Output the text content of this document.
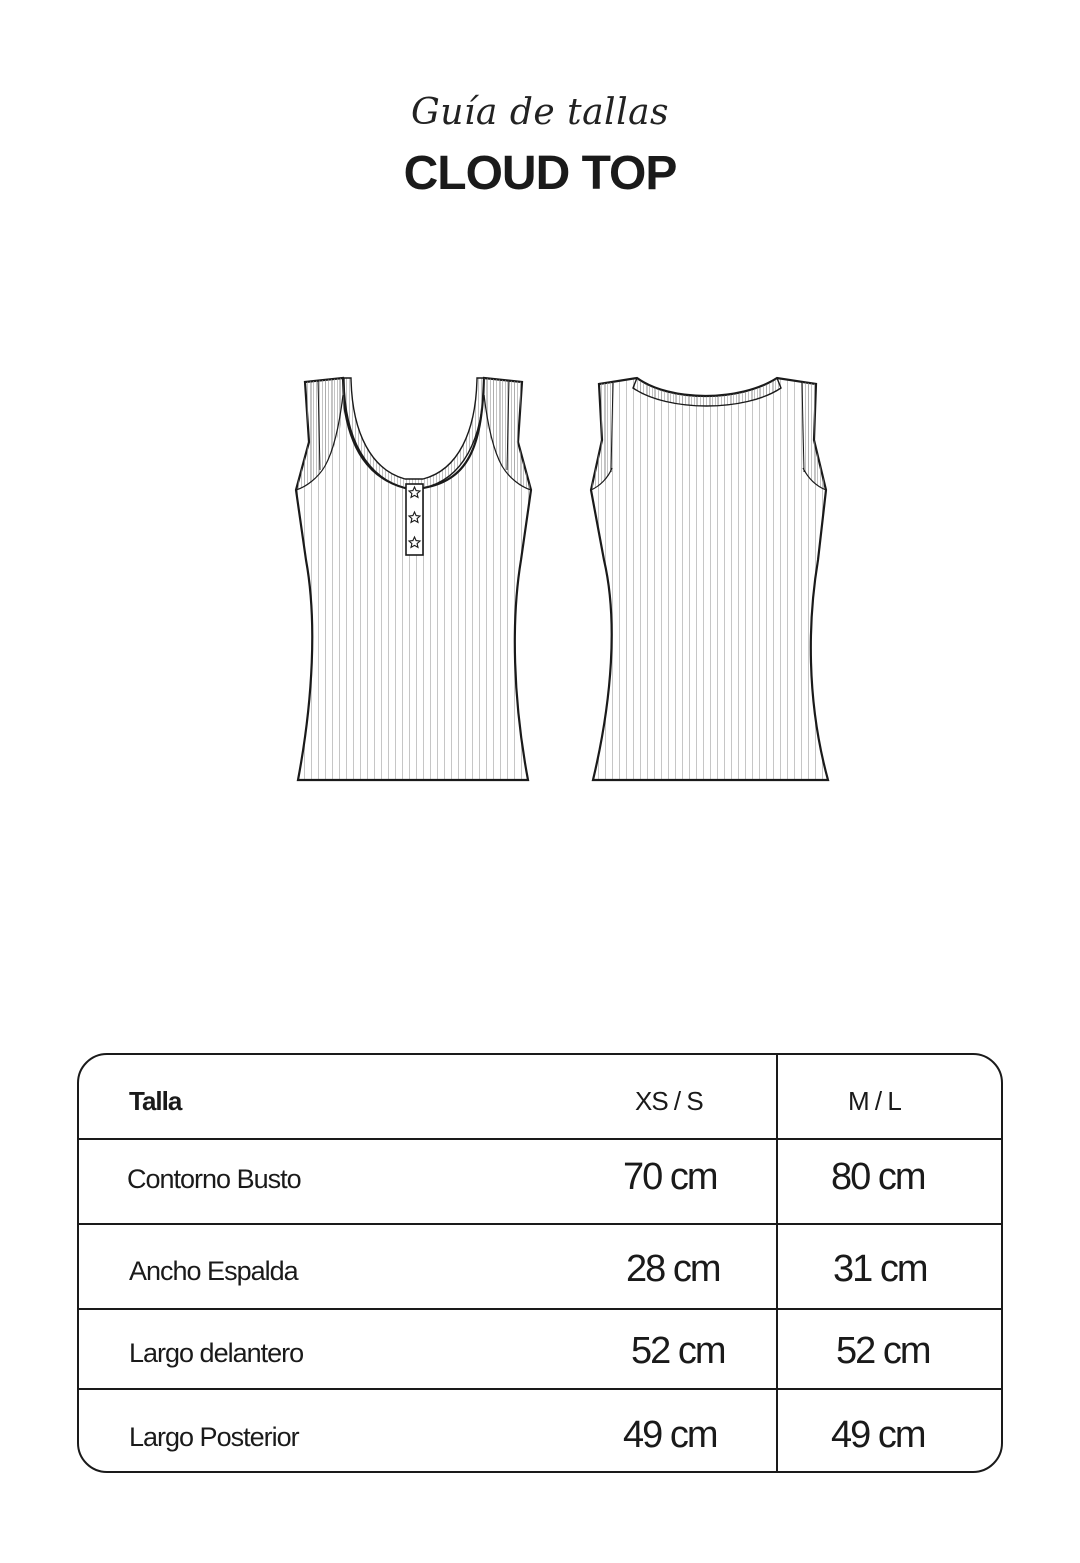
Guía de tallas
CLOUD TOP
Talla	XS / S	M / L
Contorno Busto	70 cm	80 cm
Ancho Espalda	28 cm	31 cm
Largo delantero	52 cm	52 cm
Largo Posterior	49 cm	49 cm
